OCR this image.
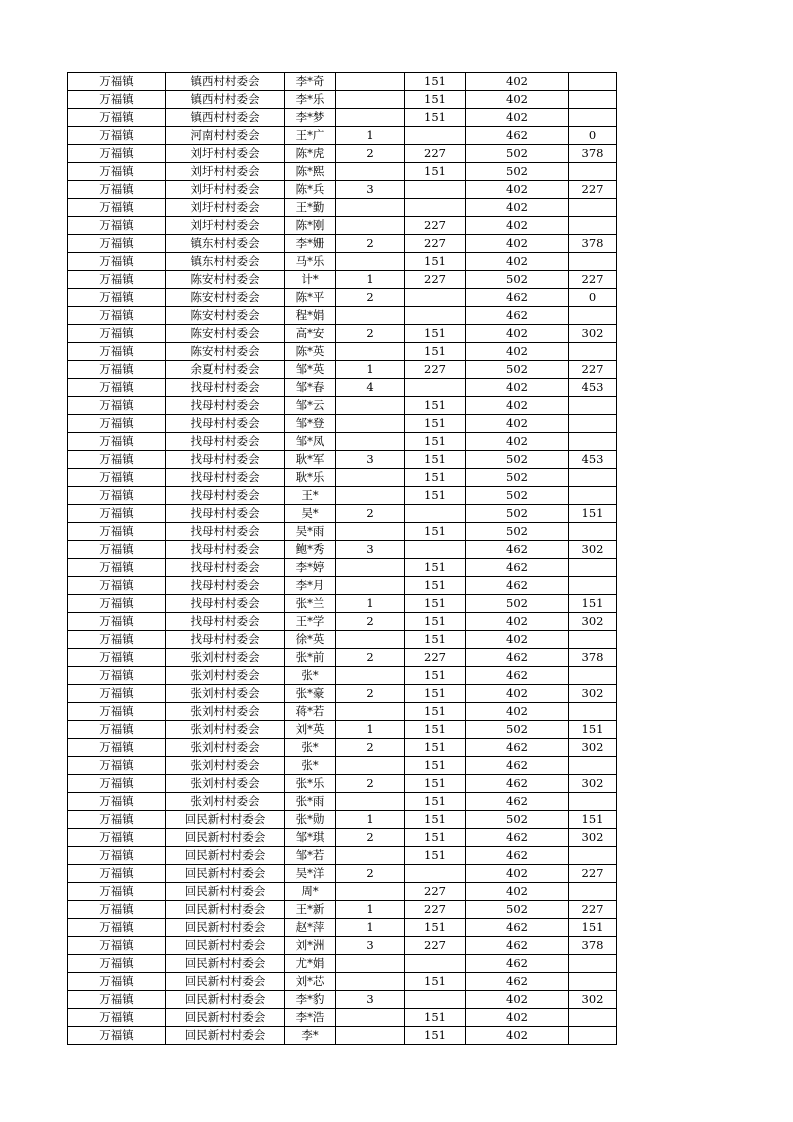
万福镇	镇西村村委会	李*奇		151	402	
万福镇	镇西村村委会	李*乐		151	402	
万福镇	镇西村村委会	李*梦		151	402	
万福镇	河南村村委会	王*广	1		462	0
万福镇	刘圩村村委会	陈*虎	2	227	502	378
万福镇	刘圩村村委会	陈*熙		151	502	
万福镇	刘圩村村委会	陈*兵	3		402	227
万福镇	刘圩村村委会	王*勤			402	
万福镇	刘圩村村委会	陈*刚		227	402	
万福镇	镇东村村委会	李*姗	2	227	402	378
万福镇	镇东村村委会	马*乐		151	402	
万福镇	陈安村村委会	计*	1	227	502	227
万福镇	陈安村村委会	陈*平	2		462	0
万福镇	陈安村村委会	程*娟			462	
万福镇	陈安村村委会	高*安	2	151	402	302
万福镇	陈安村村委会	陈*英		151	402	
万福镇	余夏村村委会	邹*英	1	227	502	227
万福镇	找母村村委会	邹*春	4		402	453
万福镇	找母村村委会	邹*云		151	402	
万福镇	找母村村委会	邹*登		151	402	
万福镇	找母村村委会	邹*凤		151	402	
万福镇	找母村村委会	耿*军	3	151	502	453
万福镇	找母村村委会	耿*乐		151	502	
万福镇	找母村村委会	王*		151	502	
万福镇	找母村村委会	吴*	2		502	151
万福镇	找母村村委会	吴*雨		151	502	
万福镇	找母村村委会	鲍*秀	3		462	302
万福镇	找母村村委会	李*婷		151	462	
万福镇	找母村村委会	李*月		151	462	
万福镇	找母村村委会	张*兰	1	151	502	151
万福镇	找母村村委会	王*学	2	151	402	302
万福镇	找母村村委会	徐*英		151	402	
万福镇	张刘村村委会	张*前	2	227	462	378
万福镇	张刘村村委会	张*		151	462	
万福镇	张刘村村委会	张*豪	2	151	402	302
万福镇	张刘村村委会	蒋*若		151	402	
万福镇	张刘村村委会	刘*英	1	151	502	151
万福镇	张刘村村委会	张*	2	151	462	302
万福镇	张刘村村委会	张*		151	462	
万福镇	张刘村村委会	张*乐	2	151	462	302
万福镇	张刘村村委会	张*雨		151	462	
万福镇	回民新村村委会	张*勋	1	151	502	151
万福镇	回民新村村委会	邹*琪	2	151	462	302
万福镇	回民新村村委会	邹*若		151	462	
万福镇	回民新村村委会	吴*洋	2		402	227
万福镇	回民新村村委会	周*		227	402	
万福镇	回民新村村委会	王*新	1	227	502	227
万福镇	回民新村村委会	赵*萍	1	151	462	151
万福镇	回民新村村委会	刘*洲	3	227	462	378
万福镇	回民新村村委会	尤*娟			462	
万福镇	回民新村村委会	刘*芯		151	462	
万福镇	回民新村村委会	李*豹	3		402	302
万福镇	回民新村村委会	李*浩		151	402	
万福镇	回民新村村委会	李*		151	402	
